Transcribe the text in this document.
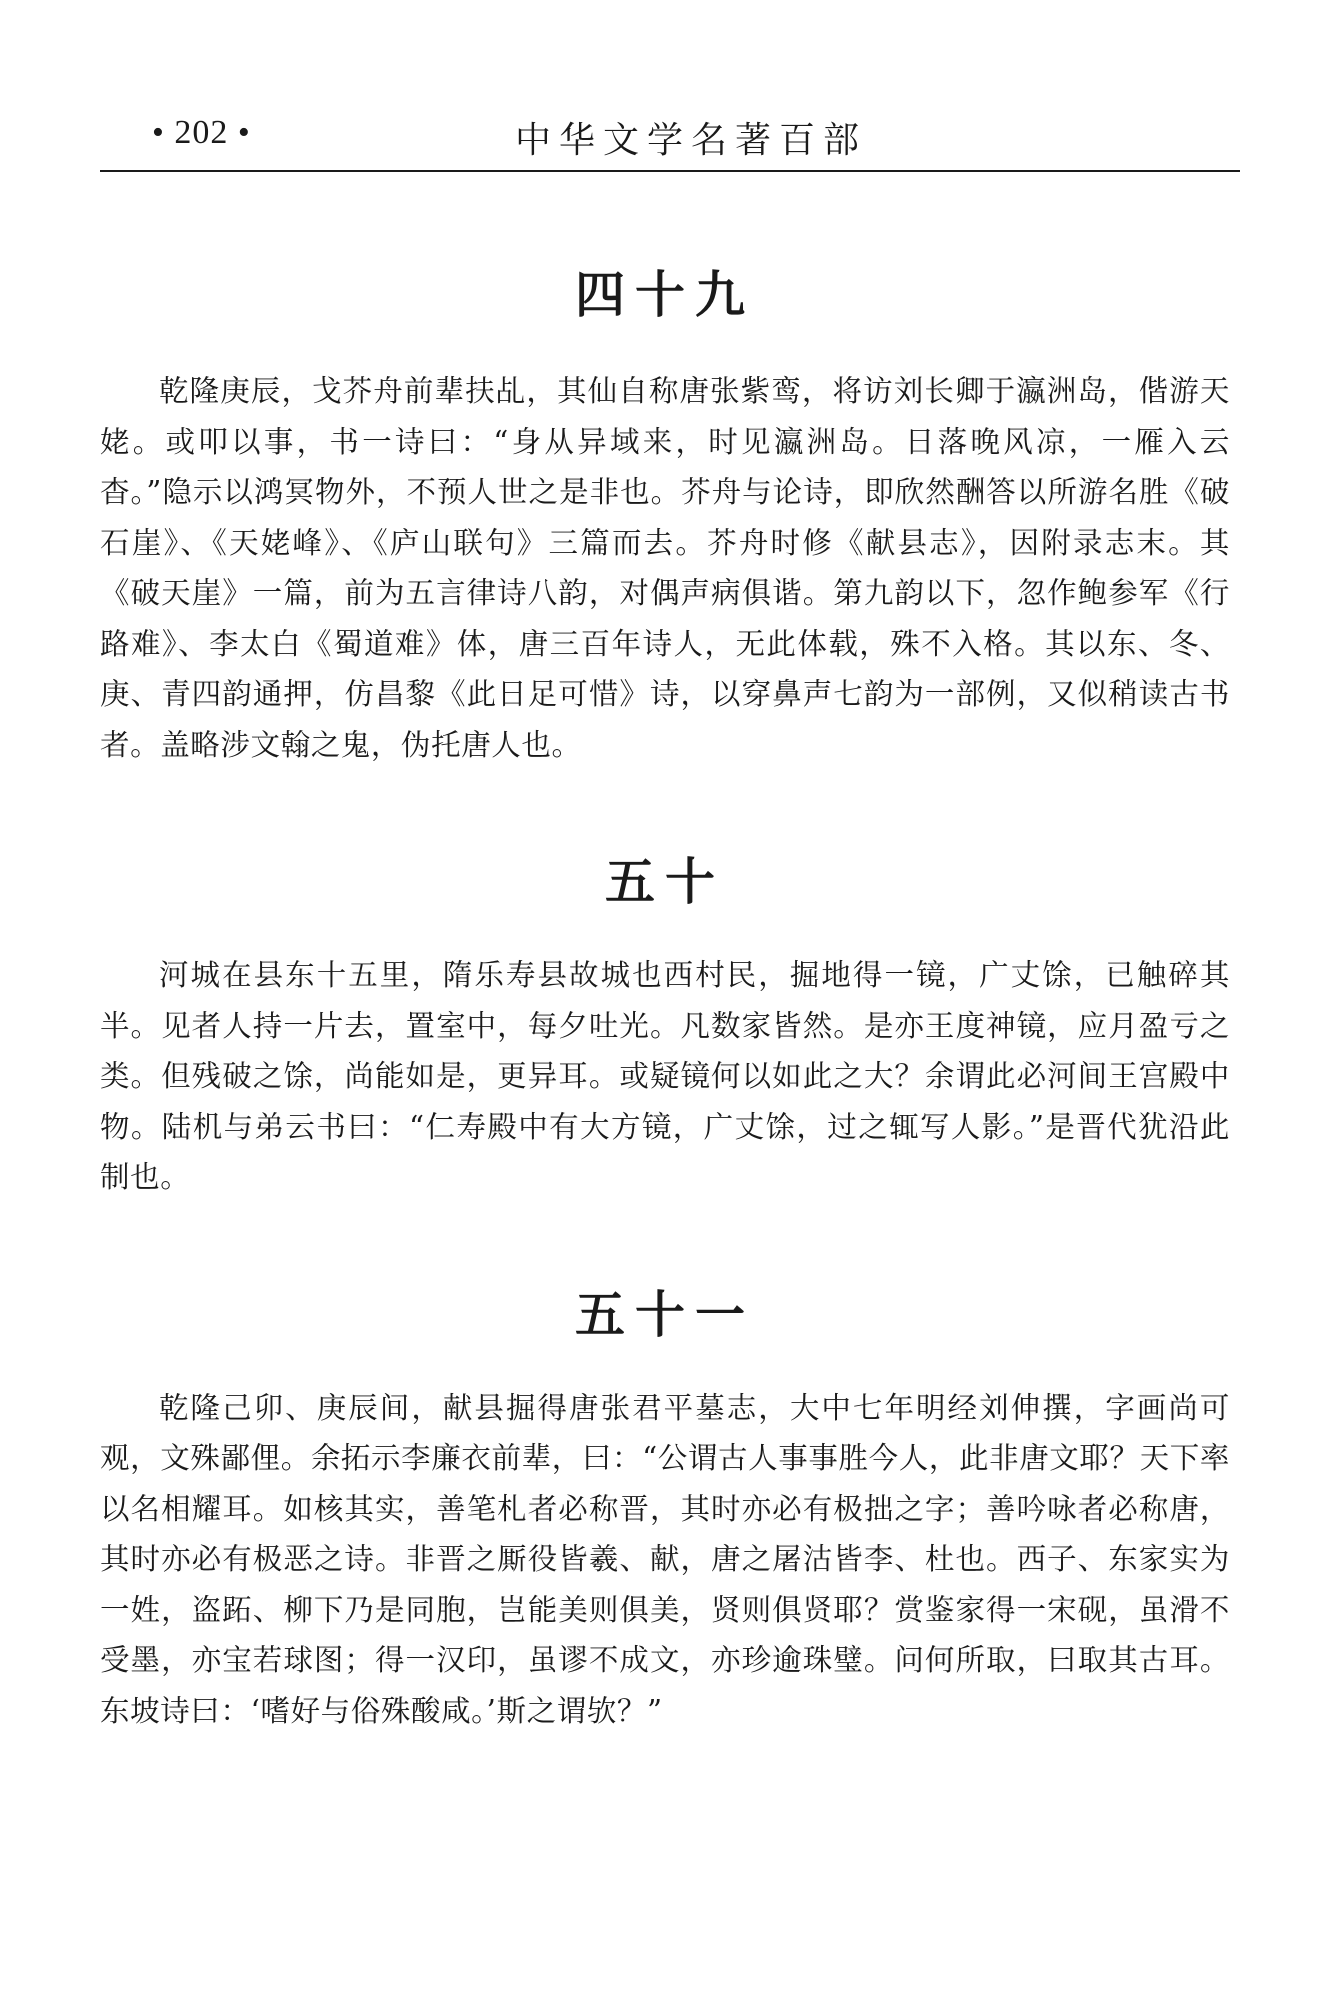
• 202 •	中华文学名著百部
四十九

乾隆庚辰，戈芥舟前辈扶乩，其仙自称唐张紫鸾，将访刘长卿于瀛洲岛，偕游天姥。或叩以事，书一诗曰：“身从异域来，时见瀛洲岛。日落晚风凉，一雁入云杳。”隐示以鸿冥物外，不预人世之是非也。芥舟与论诗，即欣然酬答以所游名胜《破石崖》、《天姥峰》、《庐山联句》三篇而去。芥舟时修《献县志》，因附录志末。其《破天崖》一篇，前为五言律诗八韵，对偶声病俱谐。第九韵以下，忽作鲍参军《行路难》、李太白《蜀道难》体，唐三百年诗人，无此体载，殊不入格。其以东、冬、庚、青四韵通押，仿昌黎《此日足可惜》诗，以穿鼻声七韵为一部例，又似稍读古书者。盖略涉文翰之鬼，伪托唐人也。

五十

河城在县东十五里，隋乐寿县故城也西村民，掘地得一镜，广丈馀，已触碎其半。见者人持一片去，置室中，每夕吐光。凡数家皆然。是亦王度神镜，应月盈亏之类。但残破之馀，尚能如是，更异耳。或疑镜何以如此之大？余谓此必河间王宫殿中物。陆机与弟云书曰：“仁寿殿中有大方镜，广丈馀，过之辄写人影。”是晋代犹沿此制也。

五十一

乾隆己卯、庚辰间，献县掘得唐张君平墓志，大中七年明经刘伸撰，字画尚可观，文殊鄙俚。余拓示李廉衣前辈，曰：“公谓古人事事胜今人，此非唐文耶？天下率以名相耀耳。如核其实，善笔札者必称晋，其时亦必有极拙之字；善吟咏者必称唐，其时亦必有极恶之诗。非晋之厮役皆羲、献，唐之屠沽皆李、杜也。西子、东家实为一姓，盗跖、柳下乃是同胞，岂能美则俱美，贤则俱贤耶？赏鉴家得一宋砚，虽滑不受墨，亦宝若球图；得一汉印，虽谬不成文，亦珍逾珠璧。问何所取，曰取其古耳。东坡诗曰：‘嗜好与俗殊酸咸。’斯之谓欤？”
